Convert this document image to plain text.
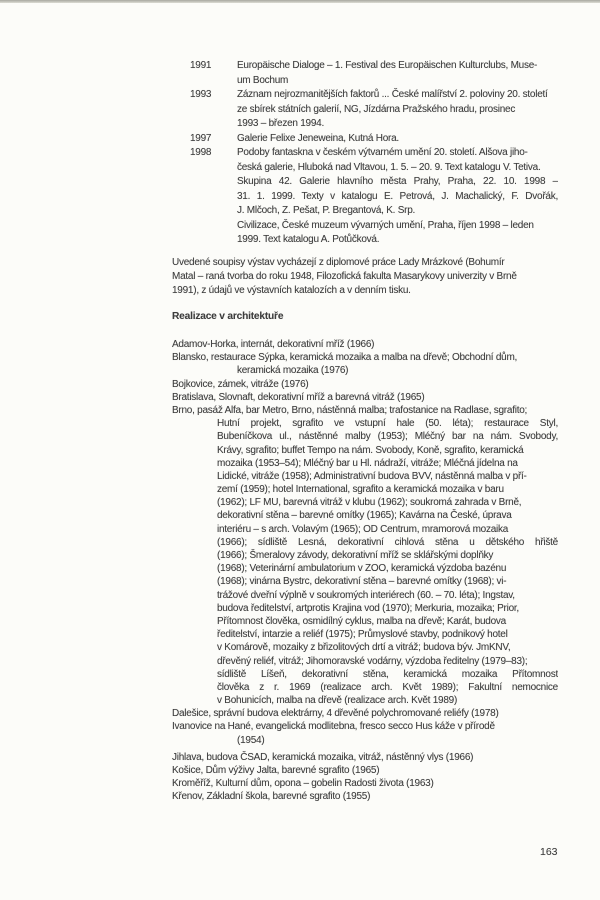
1991	Europäische Dialoge – 1. Festival des Europäischen Kulturclubs, Muse-
um Bochum
1993	Záznam nejrozmanitějších faktorů ... České malířství 2. poloviny 20. století
ze sbírek státních galerií, NG, Jízdárna Pražského hradu, prosinec
1993 – březen 1994.
1997	Galerie Felixe Jeneweina, Kutná Hora.
1998	Podoby fantaskna v českém výtvarném umění 20. století. Alšova jiho-
česká galerie, Hluboká nad Vltavou, 1. 5. – 20. 9. Text katalogu V. Tetiva.
Skupina 42. Galerie hlavního města Prahy, Praha, 22. 10. 1998 –
31. 1. 1999. Texty v katalogu E. Petrová, J. Machalický, F. Dvořák,
J. Mlčoch, Z. Pešat, P. Bregantová, K. Srp.
Civilizace, České muzeum vývarných umění, Praha, říjen 1998 – leden
1999. Text katalogu A. Potůčková.
Uvedené soupisy výstav vycházejí z diplomové práce Lady Mrázkové (Bohumír
Matal – raná tvorba do roku 1948, Filozofická fakulta Masarykovy univerzity v Brně
1991), z údajů ve výstavních katalozích a v denním tisku.
Realizace v architektuře
Adamov-Horka, internát, dekorativní mříž (1966)
Blansko, restaurace Sýpka, keramická mozaika a malba na dřevě; Obchodní dům,
keramická mozaika (1976)
Bojkovice, zámek, vitráže (1976)
Bratislava, Slovnaft, dekorativní mříž a barevná vitráž (1965)
Brno, pasáž Alfa, bar Metro, Brno, nástěnná malba; trafostanice na Radlase, sgrafito;
Hutní projekt, sgrafito ve vstupní hale (50. léta); restaurace Styl,
Bubeníčkova ul., nástěnné malby (1953); Mléčný bar na nám. Svobody,
Krávy, sgrafito; buffet Tempo na nám. Svobody, Koně, sgrafito, keramická
mozaika (1953–54); Mléčný bar u Hl. nádraží, vitráže; Mléčná jídelna na
Lidické, vitráže (1958); Administrativní budova BVV, nástěnná malba v pří-
zemí (1959); hotel International, sgrafito a keramická mozaika v baru
(1962); LF MU, barevná vitráž v klubu (1962); soukromá zahrada v Brně,
dekorativní stěna – barevné omítky (1965); Kavárna na České, úprava
interiéru – s arch. Volavým (1965); OD Centrum, mramorová mozaika
(1966); sídliště Lesná, dekorativní cihlová stěna u dětského hřiště
(1966); Šmeralovy závody, dekorativní mříž se sklářskými doplňky
(1968); Veterinární ambulatorium v ZOO, keramická výzdoba bazénu
(1968); vinárna Bystrc, dekorativní stěna – barevné omítky (1968); vi-
trážové dveřní výplně v soukromých interiérech (60. – 70. léta); Ingstav,
budova ředitelství, artprotis Krajina vod (1970); Merkuria, mozaika; Prior,
Přítomnost člověka, osmidílný cyklus, malba na dřevě; Karát, budova
ředitelství, intarzie a reliéf (1975); Průmyslové stavby, podnikový hotel
v Komárově, mozaiky z břizolitových drtí a vitráž; budova býv. JmKNV,
dřevěný reliéf, vitráž; Jihomoravské vodárny, výzdoba ředitelny (1979–83);
sídliště Líšeň, dekorativní stěna, keramická mozaika Přítomnost
člověka z r. 1969 (realizace arch. Květ 1989); Fakultní nemocnice
v Bohunicích, malba na dřevě (realizace arch. Květ 1989)
Dalešice, správní budova elektrárny, 4 dřevěné polychromované reliéfy (1978)
Ivanovice na Hané, evangelická modlitebna, fresco secco Hus káže v přírodě
(1954)
Jihlava, budova ČSAD, keramická mozaika, vitráž, nástěnný vlys (1966)
Košice, Dům výživy Jalta, barevné sgrafito (1965)
Kroměříž, Kulturní dům, opona – gobelin Radosti života (1963)
Křenov, Základní škola, barevné sgrafito (1955)
163
